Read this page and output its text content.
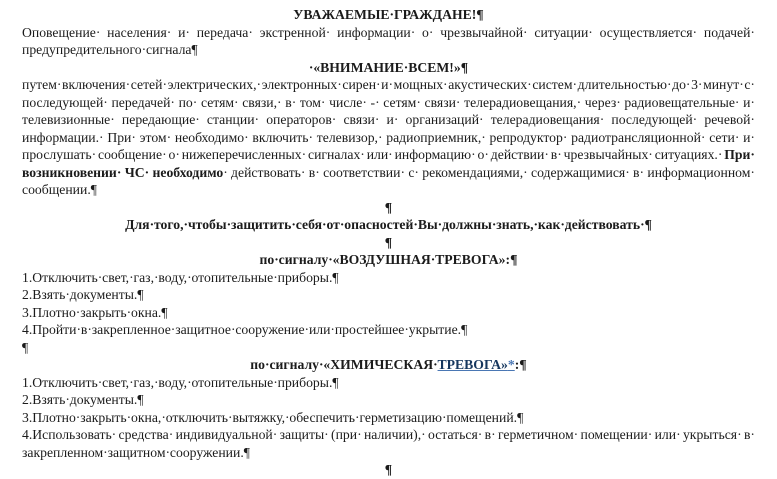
УВАЖАЕМЫЕ· ГРАЖДАНЕ!¶
Оповещение· населения· и· передача· экстренной· информации· о· чрезвычайной· ситуации· осуществляется· подачей· предупредительного· сигнала¶
· «ВНИМАНИЕ· ВСЕМ!»¶
путем· включения· сетей· электрических,· электронных· сирен· и· мощных· акустических· систем· длительностью· до· 3· минут· с· последующей· передачей· по· сетям· связи,· в· том· числе· -· сетям· связи· телерадиовещания,· через· радиовещательные· и· телевизионные· передающие· станции· операторов· связи· и· организаций· телерадиовещания· последующей· речевой· информации.· При· этом· необходимо· включить· телевизор,· радиоприемник,· репродуктор· радиотрансляционной· сети· и· прослушать· сообщение· о· нижеперечисленных· сигналах· или· информацию· о· действии· в· чрезвычайных· ситуациях.· При· возникновении· ЧС· необходимо· действовать· в· соответствии· с· рекомендациями,· содержащимися· в· информационном· сообщении.¶
¶
Для· того,· чтобы· защитить· себя· от· опасностей· Вы· должны· знать,· как· действовать· ¶
¶
по· сигналу· «ВОЗДУШНАЯ· ТРЕВОГА»:¶
1.Отключить· свет,· газ,· воду,· отопительные· приборы.¶
2.Взять· документы.¶
3.Плотно· закрыть· окна.¶
4.Пройти· в· закрепленное· защитное· сооружение· или· простейшее· укрытие.¶
¶
по· сигналу· «ХИМИЧЕСКАЯ· ТРЕВОГА»*:¶
1.Отключить· свет,· газ,· воду,· отопительные· приборы.¶
2.Взять· документы.¶
3.Плотно· закрыть· окна,· отключить· вытяжку,· обеспечить· герметизацию· помещений.¶
4.Использовать· средства· индивидуальной· защиты· (при· наличии),· остаться· в· герметичном· помещении· или· укрыться· в· закрепленном· защитном· сооружении.¶
¶
